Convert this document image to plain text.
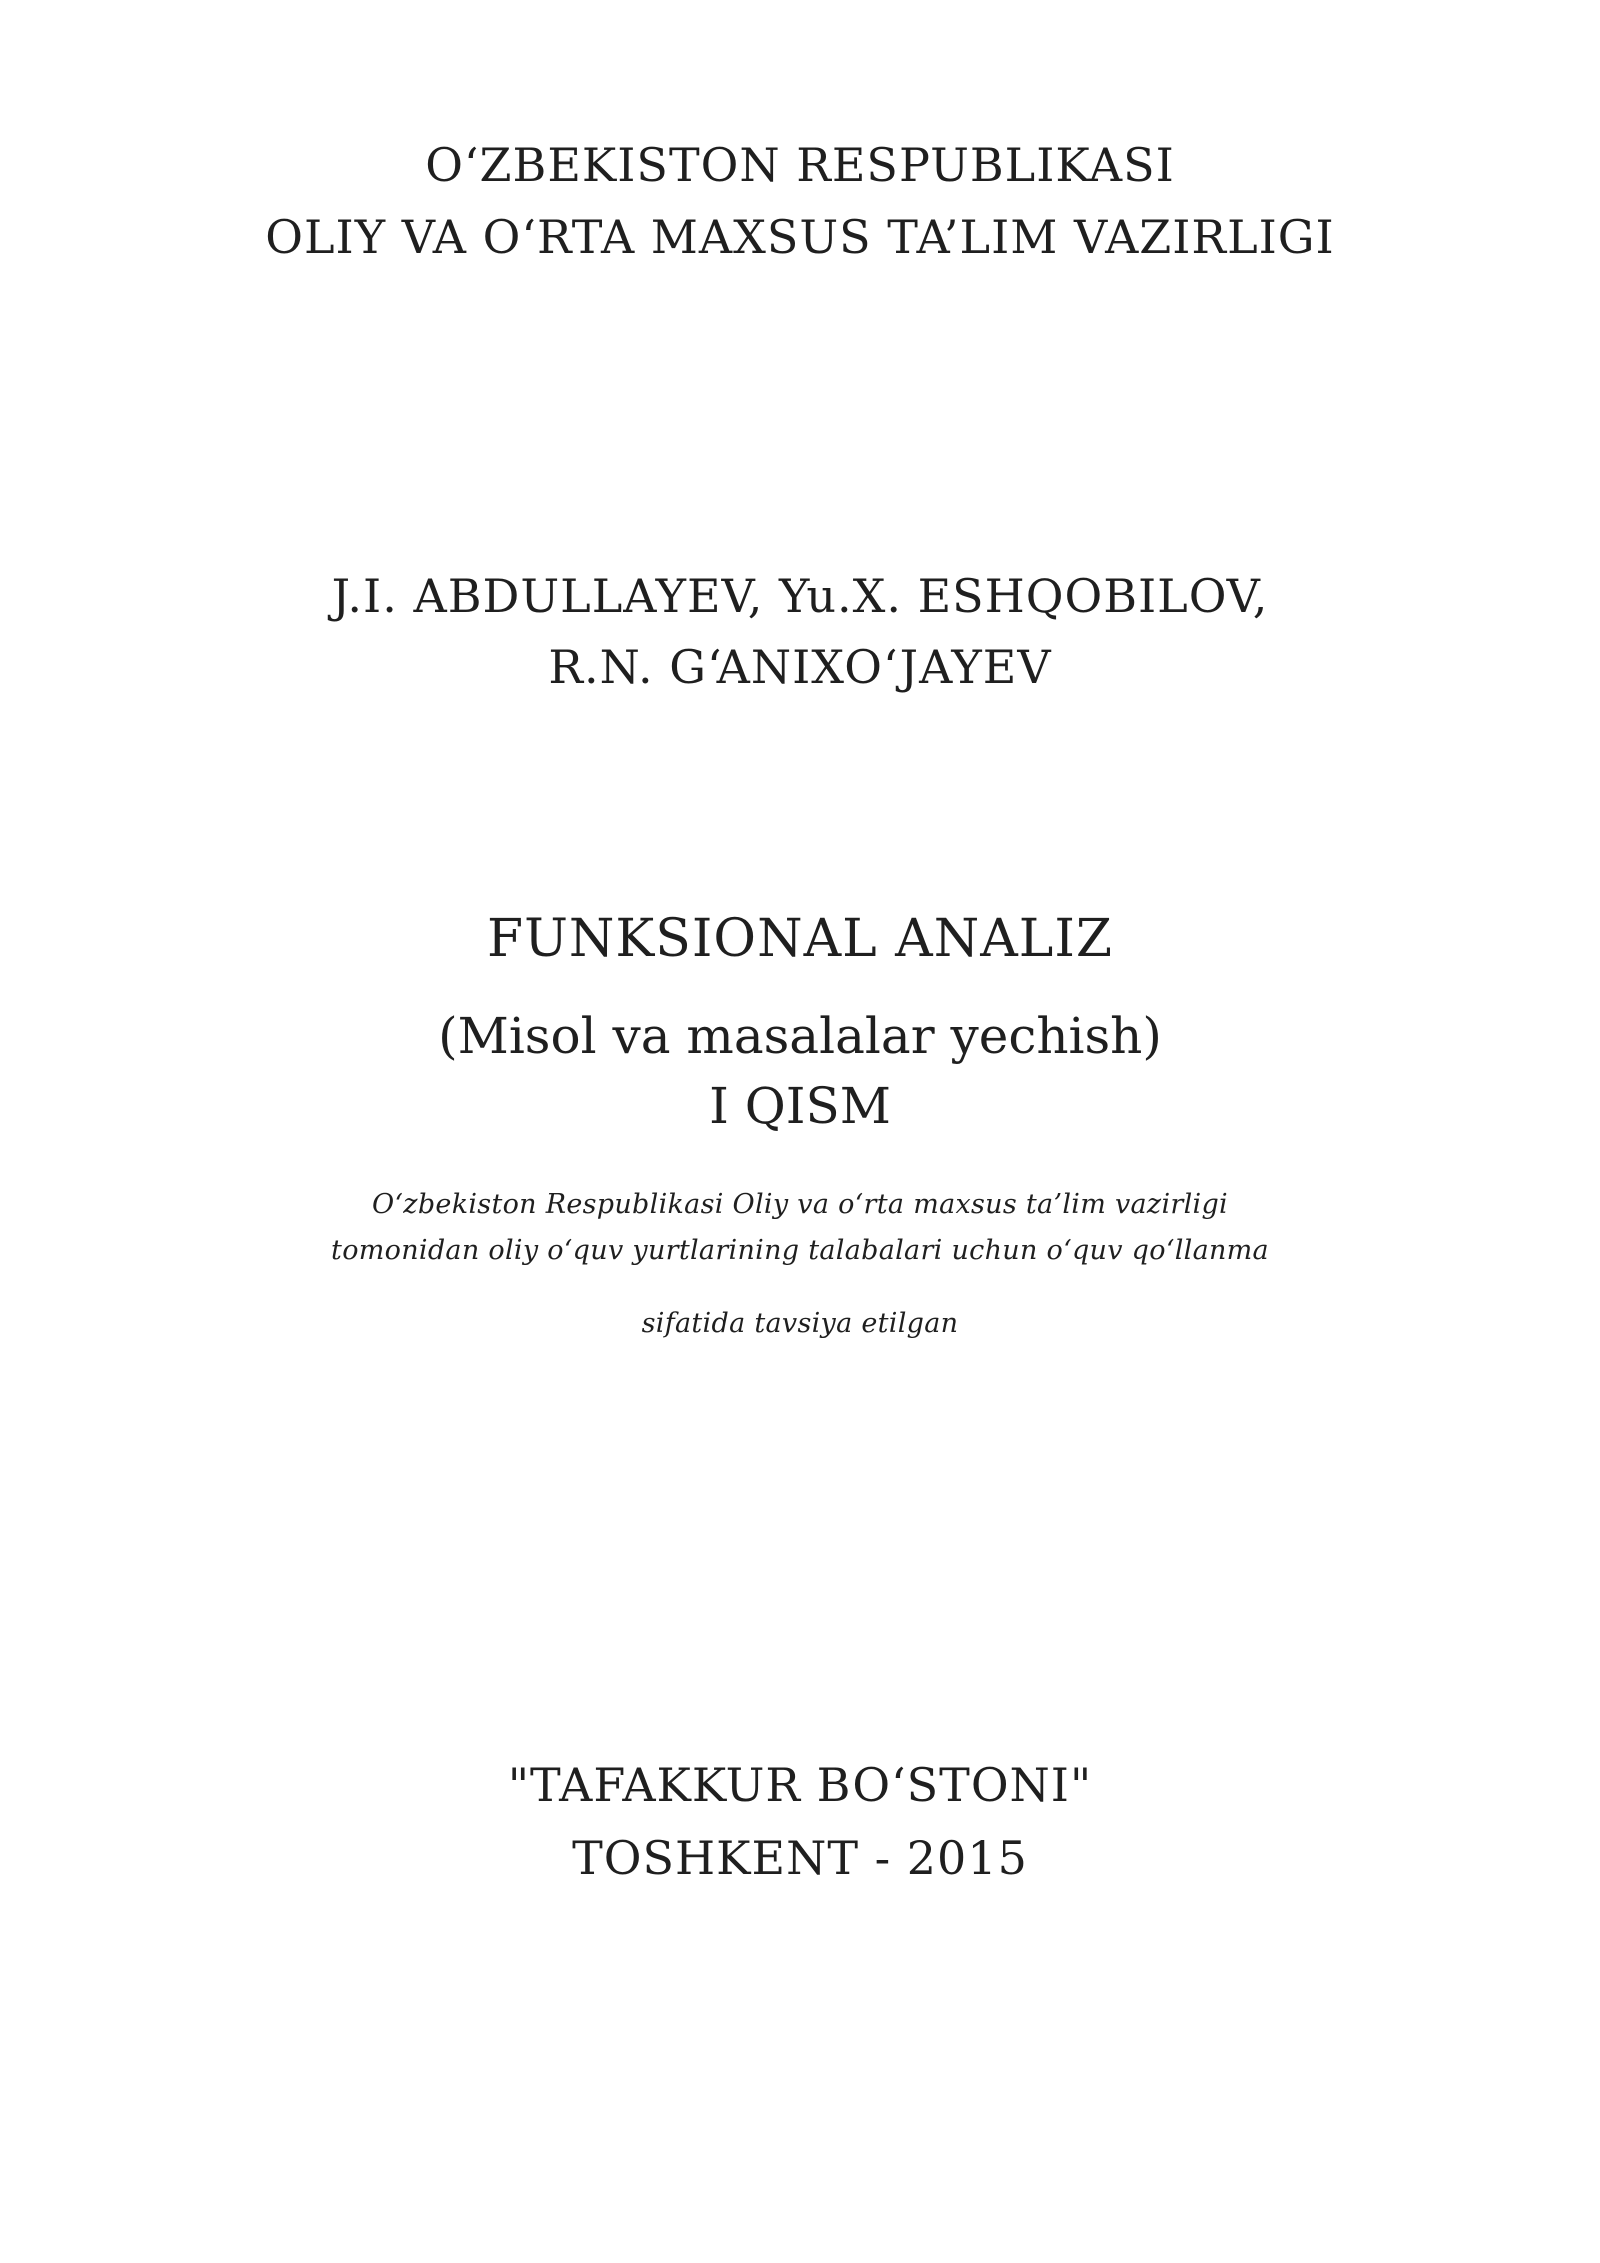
O‘ZBEKISTON RESPUBLIKASI
OLIY VA O‘RTA MAXSUS TA’LIM VAZIRLIGI
J.I. ABDULLAYEV, Yu.X. ESHQOBILOV,
R.N. G‘ANIXO‘JAYEV
FUNKSIONAL ANALIZ
(Misol va masalalar yechish)
I QISM
O‘zbekiston Respublikasi Oliy va o‘rta maxsus ta’lim vazirligi
tomonidan oliy o‘quv yurtlarining talabalari uchun o‘quv qo‘llanma
sifatida tavsiya etilgan
"TAFAKKUR BO‘STONI"
TOSHKENT - 2015
